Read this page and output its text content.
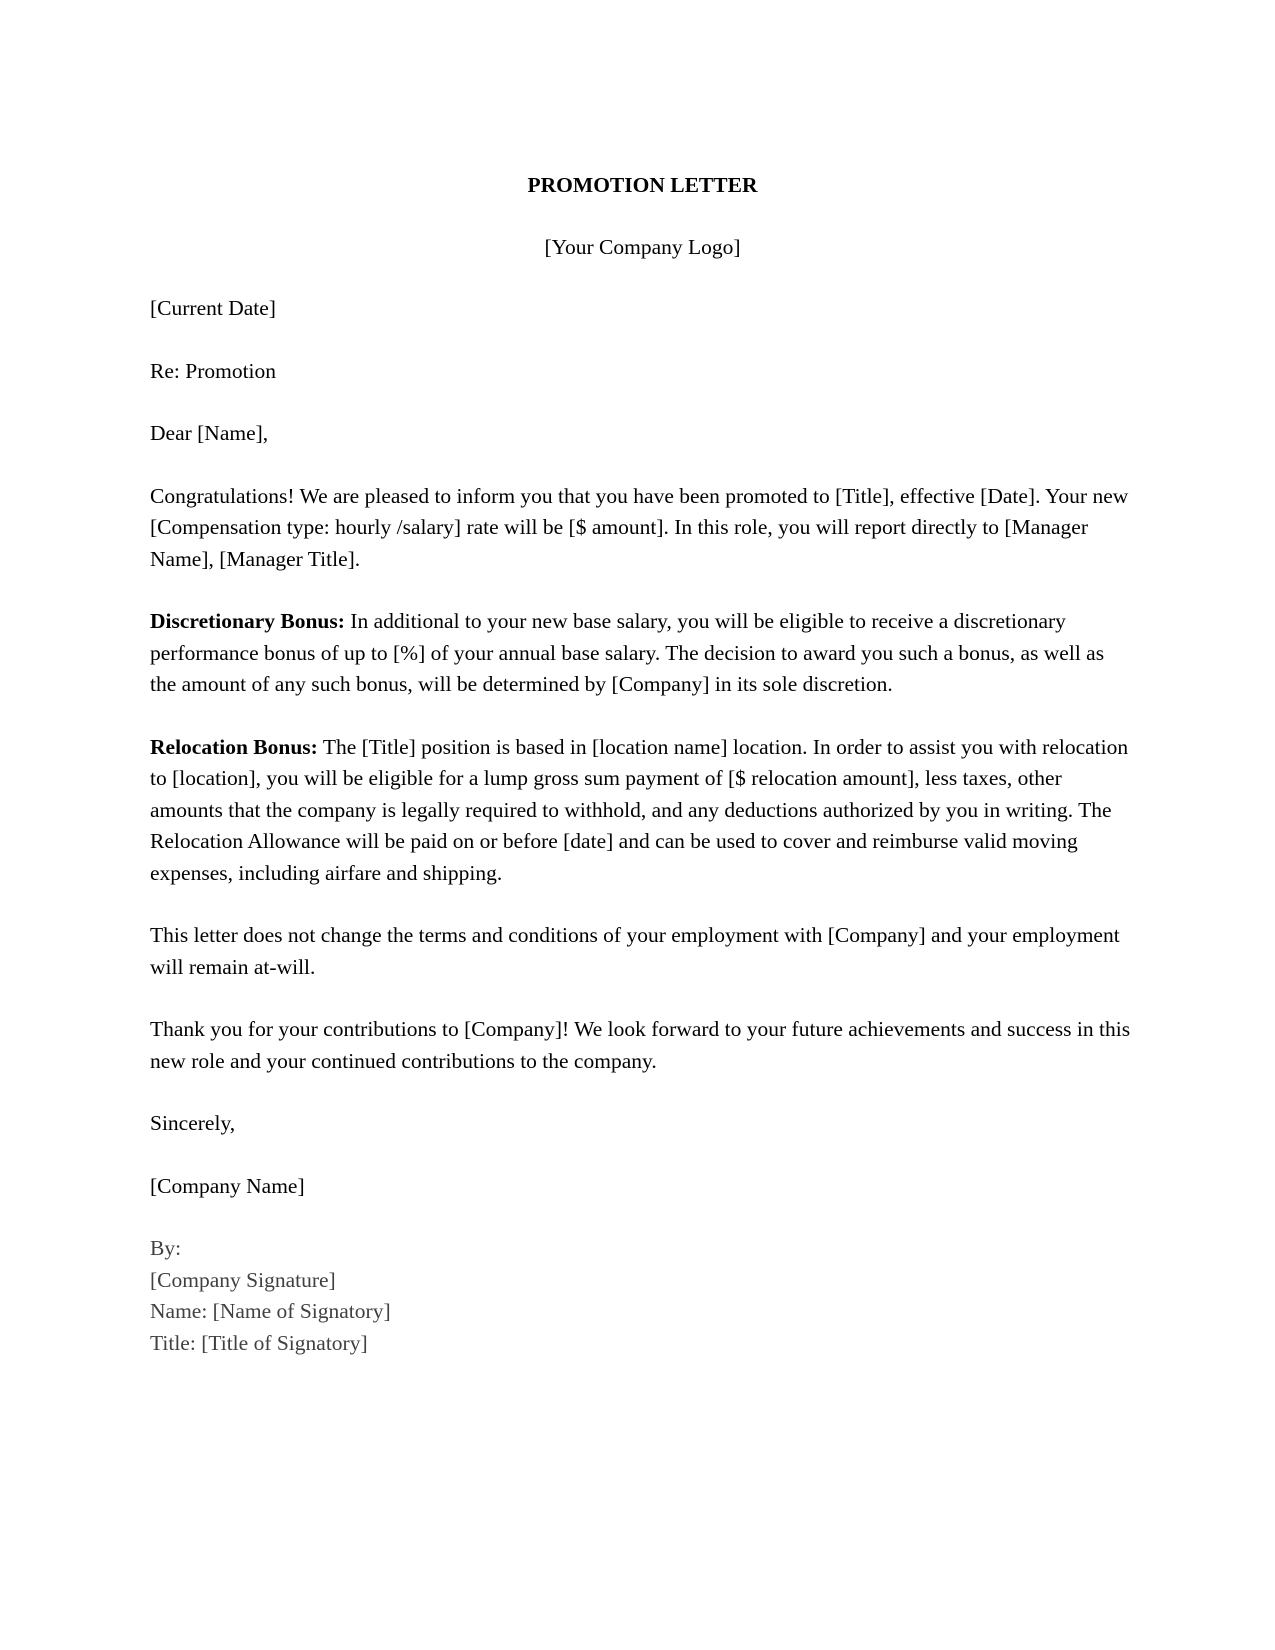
PROMOTION LETTER
[Your Company Logo]

[Current Date]

Re: Promotion

Dear [Name],

Congratulations! We are pleased to inform you that you have been promoted to [Title], effective [Date]. Your new [Compensation type: hourly /salary] rate will be [$ amount]. In this role, you will report directly to [Manager Name], [Manager Title].

Discretionary Bonus: In additional to your new base salary, you will be eligible to receive a discretionary performance bonus of up to [%] of your annual base salary. The decision to award you such a bonus, as well as the amount of any such bonus, will be determined by [Company] in its sole discretion.

Relocation Bonus: The [Title] position is based in [location name] location. In order to assist you with relocation to [location], you will be eligible for a lump gross sum payment of [$ relocation amount], less taxes, other amounts that the company is legally required to withhold, and any deductions authorized by you in writing. The Relocation Allowance will be paid on or before [date] and can be used to cover and reimburse valid moving expenses, including airfare and shipping.

This letter does not change the terms and conditions of your employment with [Company] and your employment will remain at-will.

Thank you for your contributions to [Company]! We look forward to your future achievements and success in this new role and your continued contributions to the company.

Sincerely,

[Company Name]

By:
[Company Signature]
Name: [Name of Signatory]
Title: [Title of Signatory]
